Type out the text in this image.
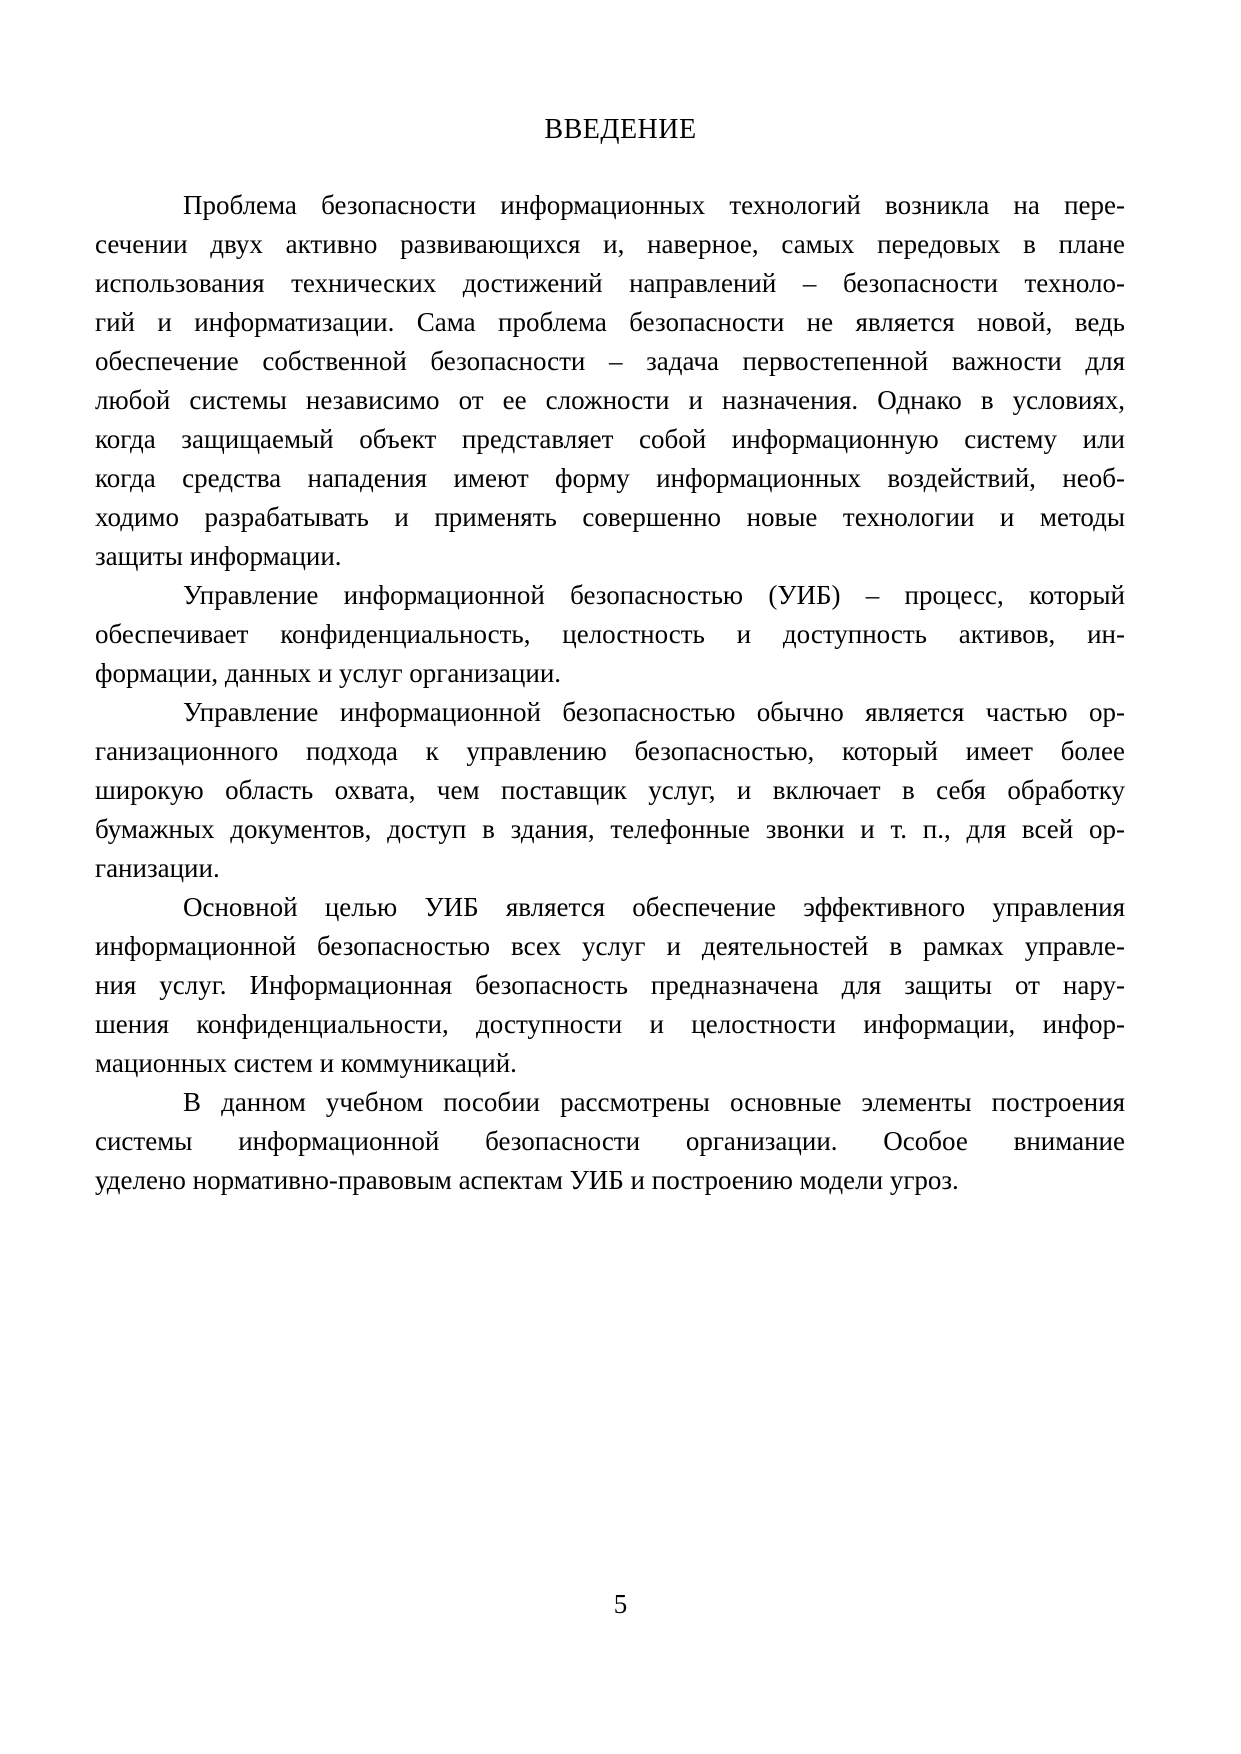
ВВЕДЕНИЕ
Проблема безопасности информационных технологий возникла на пере-
сечении двух активно развивающихся и, наверное, самых передовых в плане
использования технических достижений направлений – безопасности техноло-
гий и информатизации. Сама проблема безопасности не является новой, ведь
обеспечение собственной безопасности – задача первостепенной важности для
любой системы независимо от ее сложности и назначения. Однако в условиях,
когда защищаемый объект представляет собой информационную систему или
когда средства нападения имеют форму информационных воздействий, необ-
ходимо разрабатывать и применять совершенно новые технологии и методы
защиты информации.
Управление информационной безопасностью (УИБ) – процесс, который
обеспечивает конфиденциальность, целостность и доступность активов, ин-
формации, данных и услуг организации.
Управление информационной безопасностью обычно является частью ор-
ганизационного подхода к управлению безопасностью, который имеет более
широкую область охвата, чем поставщик услуг, и включает в себя обработку
бумажных документов, доступ в здания, телефонные звонки и т. п., для всей ор-
ганизации.
Основной целью УИБ является обеспечение эффективного управления
информационной безопасностью всех услуг и деятельностей в рамках управле-
ния услуг. Информационная безопасность предназначена для защиты от нару-
шения конфиденциальности, доступности и целостности информации, инфор-
мационных систем и коммуникаций.
В данном учебном пособии рассмотрены основные элементы построения
системы информационной безопасности организации. Особое внимание
уделено нормативно-правовым аспектам УИБ и построению модели угроз.
5
